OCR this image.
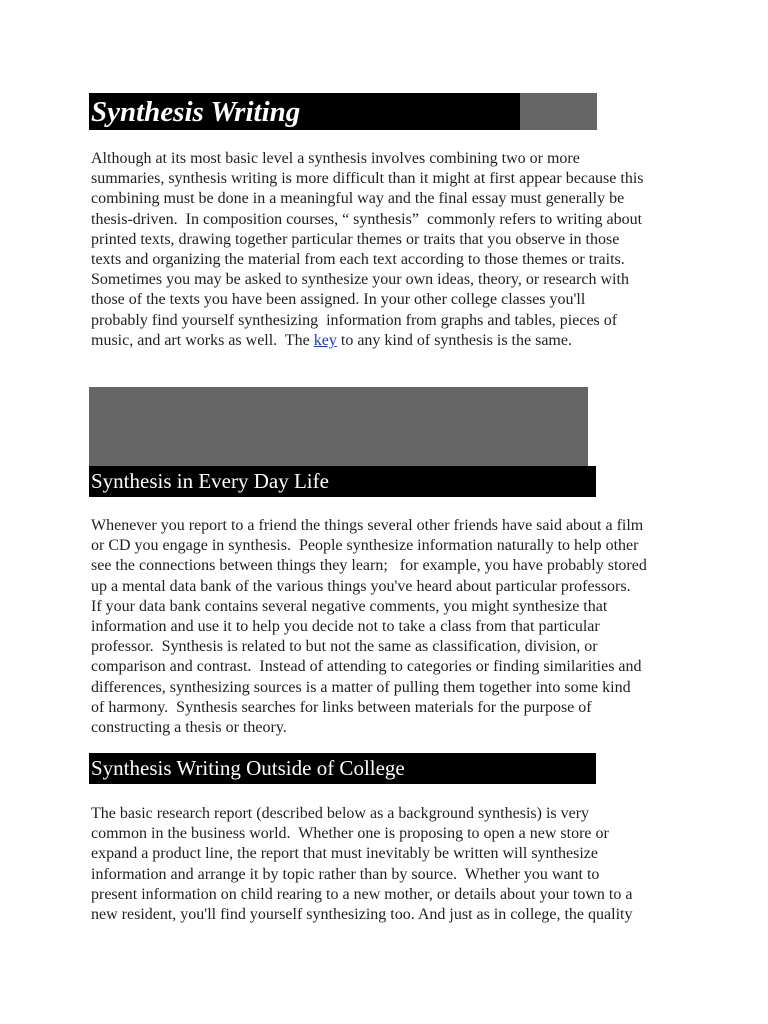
Synthesis Writing
Although at its most basic level a synthesis involves combining two or more
summaries, synthesis writing is more difficult than it might at first appear because this
combining must be done in a meaningful way and the final essay must generally be
thesis-driven.  In composition courses, “ synthesis”  commonly refers to writing about
printed texts, drawing together particular themes or traits that you observe in those
texts and organizing the material from each text according to those themes or traits.
Sometimes you may be asked to synthesize your own ideas, theory, or research with
those of the texts you have been assigned. In your other college classes you'll
probably find yourself synthesizing  information from graphs and tables, pieces of
music, and art works as well.  The key to any kind of synthesis is the same.
Synthesis in Every Day Life
Whenever you report to a friend the things several other friends have said about a film
or CD you engage in synthesis.  People synthesize information naturally to help other
see the connections between things they learn;   for example, you have probably stored
up a mental data bank of the various things you've heard about particular professors.
If your data bank contains several negative comments, you might synthesize that
information and use it to help you decide not to take a class from that particular
professor.  Synthesis is related to but not the same as classification, division, or
comparison and contrast.  Instead of attending to categories or finding similarities and
differences, synthesizing sources is a matter of pulling them together into some kind
of harmony.  Synthesis searches for links between materials for the purpose of
constructing a thesis or theory.
Synthesis Writing Outside of College
The basic research report (described below as a background synthesis) is very
common in the business world.  Whether one is proposing to open a new store or
expand a product line, the report that must inevitably be written will synthesize
information and arrange it by topic rather than by source.  Whether you want to
present information on child rearing to a new mother, or details about your town to a
new resident, you'll find yourself synthesizing too. And just as in college, the quality
